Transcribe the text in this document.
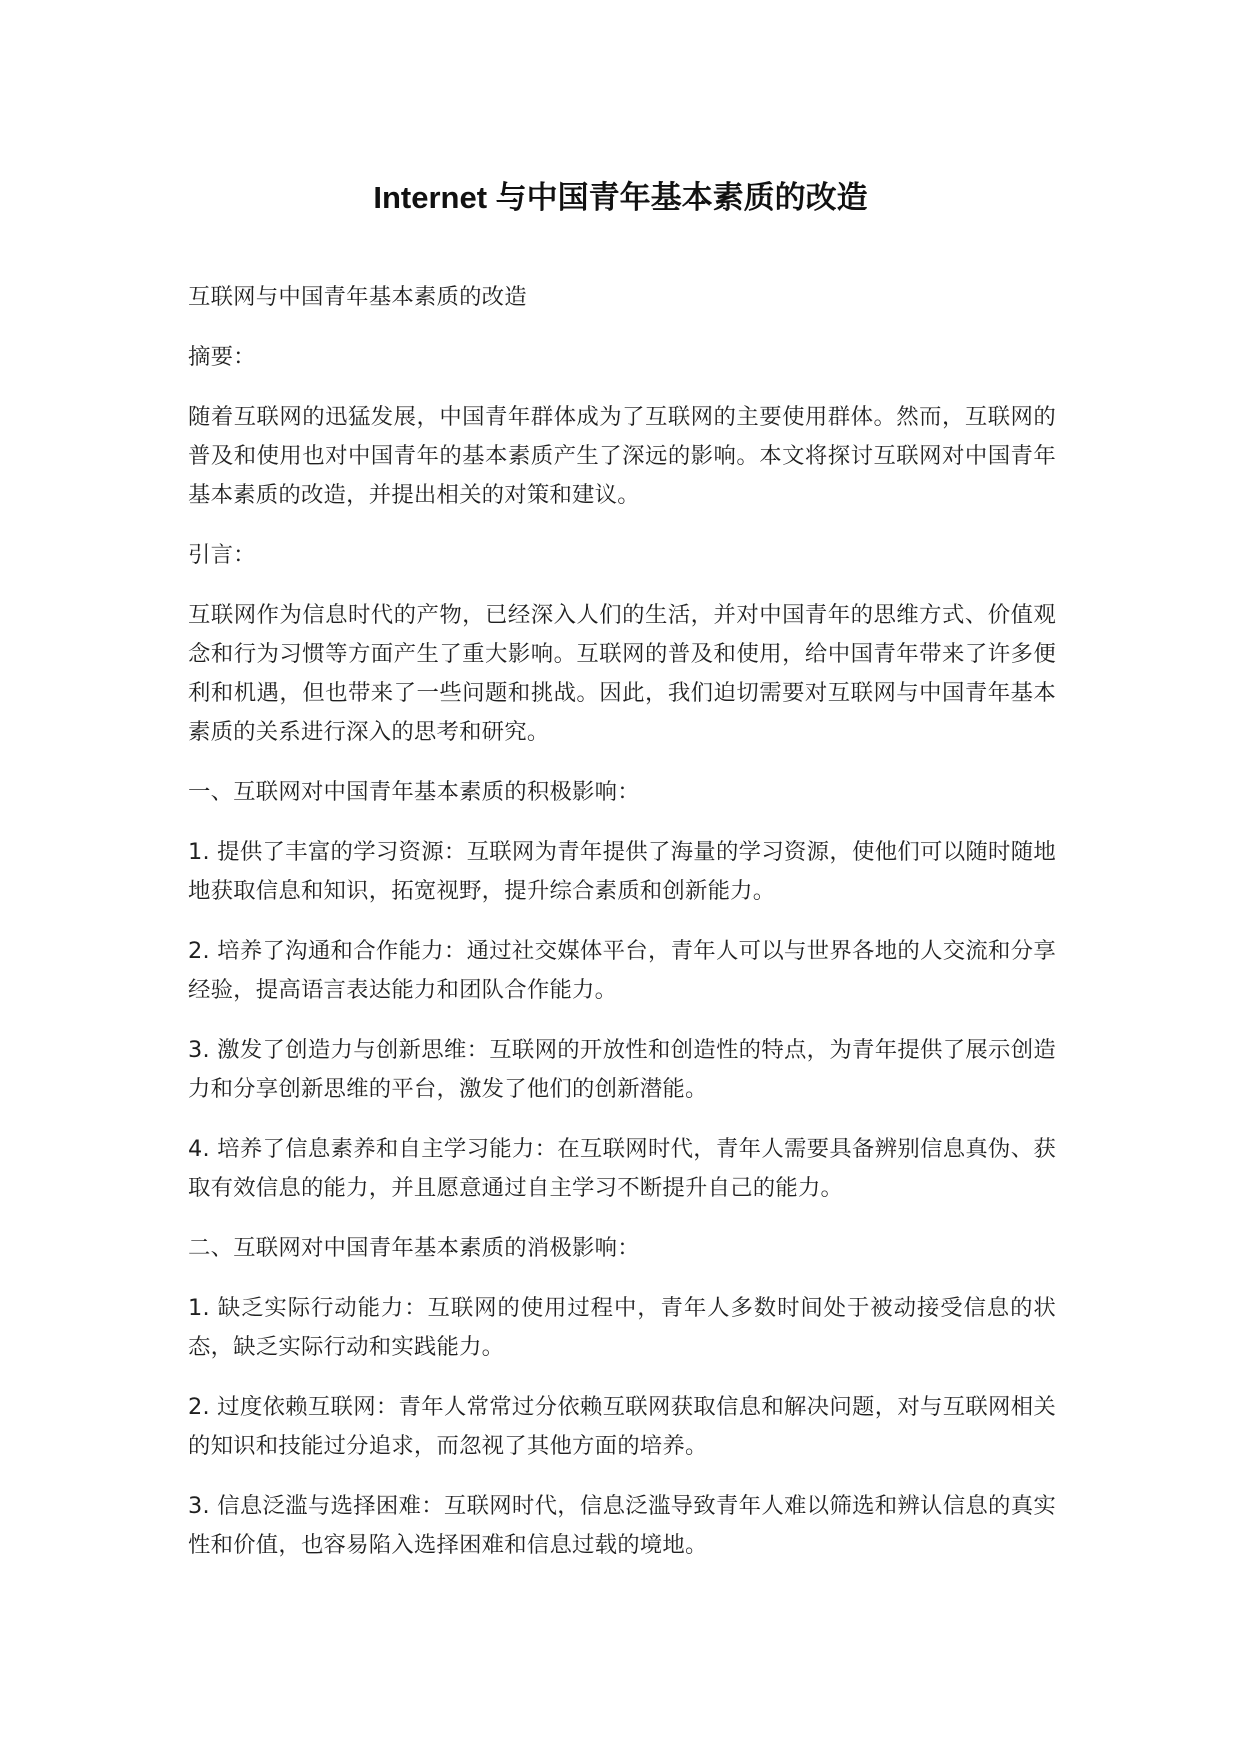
Internet 与中国青年基本素质的改造

互联网与中国青年基本素质的改造

摘要：

随着互联网的迅猛发展，中国青年群体成为了互联网的主要使用群体。然而，互联网的普及和使用也对中国青年的基本素质产生了深远的影响。本文将探讨互联网对中国青年基本素质的改造，并提出相关的对策和建议。

引言：

互联网作为信息时代的产物，已经深入人们的生活，并对中国青年的思维方式、价值观念和行为习惯等方面产生了重大影响。互联网的普及和使用，给中国青年带来了许多便利和机遇，但也带来了一些问题和挑战。因此，我们迫切需要对互联网与中国青年基本素质的关系进行深入的思考和研究。

一、互联网对中国青年基本素质的积极影响：

1. 提供了丰富的学习资源：互联网为青年提供了海量的学习资源，使他们可以随时随地地获取信息和知识，拓宽视野，提升综合素质和创新能力。

2. 培养了沟通和合作能力：通过社交媒体平台，青年人可以与世界各地的人交流和分享经验，提高语言表达能力和团队合作能力。

3. 激发了创造力与创新思维：互联网的开放性和创造性的特点，为青年提供了展示创造力和分享创新思维的平台，激发了他们的创新潜能。

4. 培养了信息素养和自主学习能力：在互联网时代，青年人需要具备辨别信息真伪、获取有效信息的能力，并且愿意通过自主学习不断提升自己的能力。

二、互联网对中国青年基本素质的消极影响：

1. 缺乏实际行动能力：互联网的使用过程中，青年人多数时间处于被动接受信息的状态，缺乏实际行动和实践能力。

2. 过度依赖互联网：青年人常常过分依赖互联网获取信息和解决问题，对与互联网相关的知识和技能过分追求，而忽视了其他方面的培养。

3. 信息泛滥与选择困难：互联网时代，信息泛滥导致青年人难以筛选和辨认信息的真实性和价值，也容易陷入选择困难和信息过载的境地。
